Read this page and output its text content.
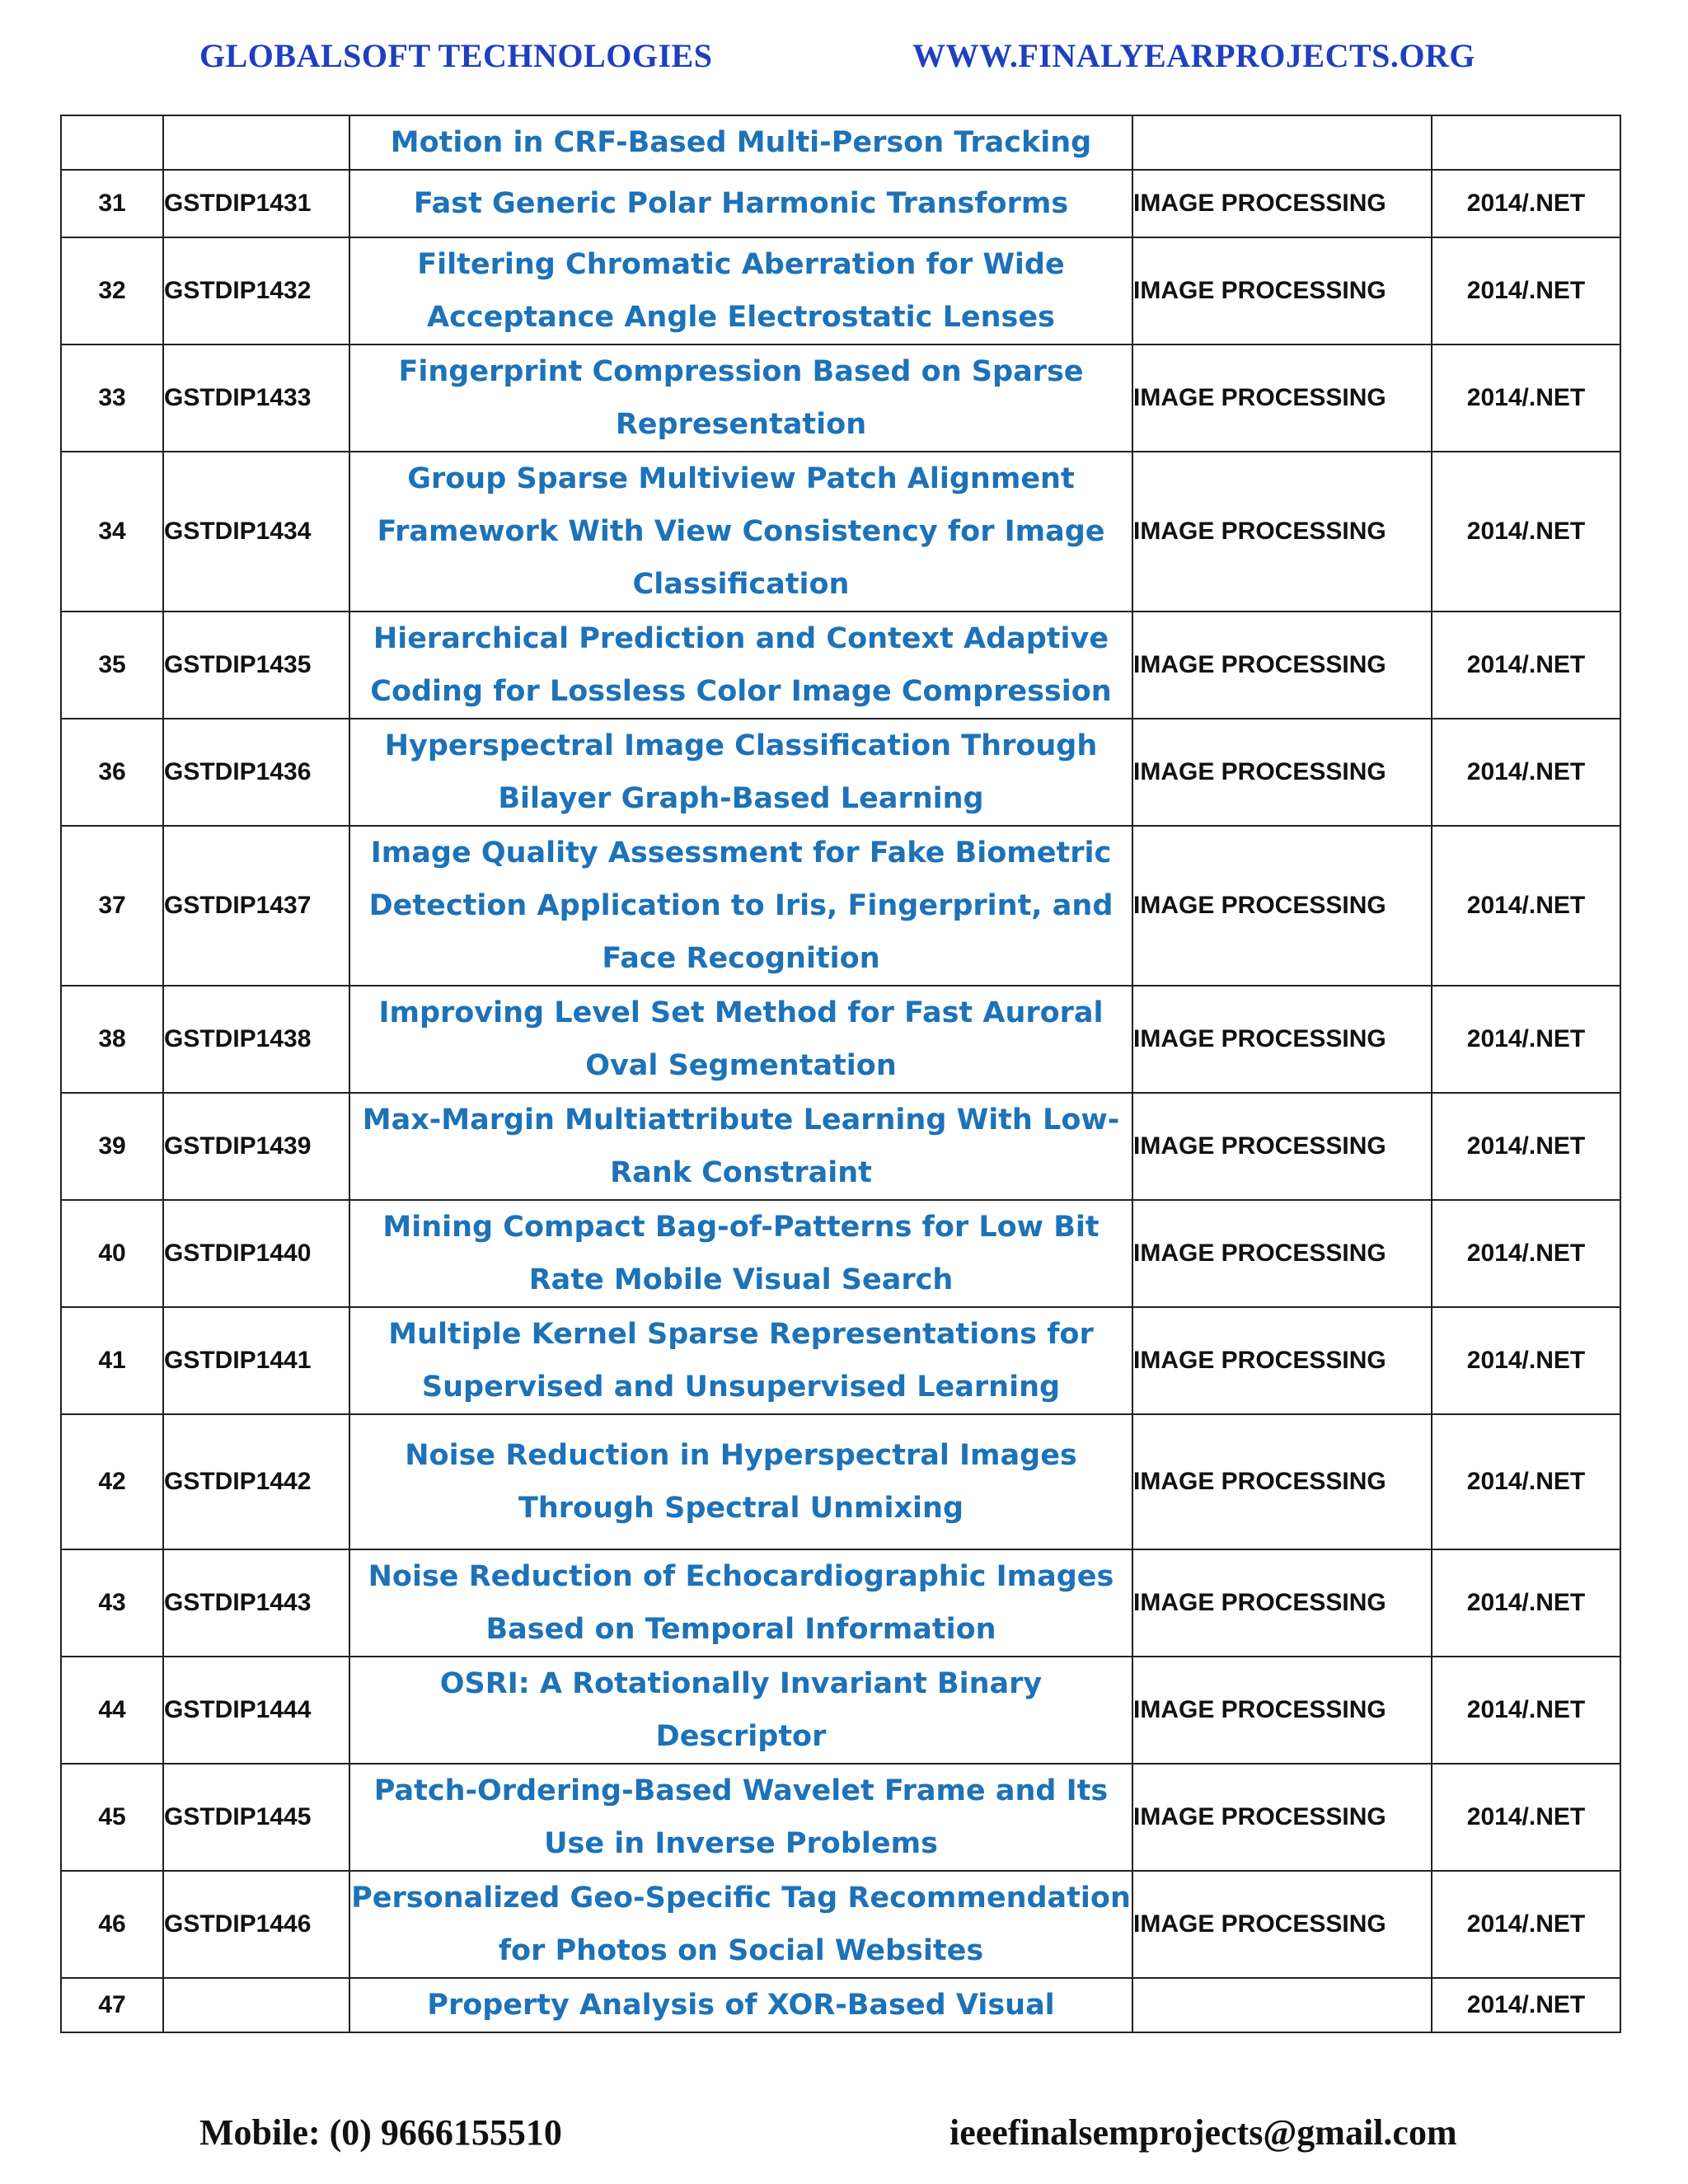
GLOBALSOFT TECHNOLOGIES	WWW.FINALYEARPROJECTS.ORG
		Motion in CRF-Based Multi-Person Tracking		
31	GSTDIP1431	Fast Generic Polar Harmonic Transforms	IMAGE PROCESSING	2014/.NET
32	GSTDIP1432	Filtering Chromatic Aberration for Wide Acceptance Angle Electrostatic Lenses	IMAGE PROCESSING	2014/.NET
33	GSTDIP1433	Fingerprint Compression Based on Sparse Representation	IMAGE PROCESSING	2014/.NET
34	GSTDIP1434	Group Sparse Multiview Patch Alignment Framework With View Consistency for Image Classification	IMAGE PROCESSING	2014/.NET
35	GSTDIP1435	Hierarchical Prediction and Context Adaptive Coding for Lossless Color Image Compression	IMAGE PROCESSING	2014/.NET
36	GSTDIP1436	Hyperspectral Image Classification Through Bilayer Graph-Based Learning	IMAGE PROCESSING	2014/.NET
37	GSTDIP1437	Image Quality Assessment for Fake Biometric Detection Application to Iris, Fingerprint, and Face Recognition	IMAGE PROCESSING	2014/.NET
38	GSTDIP1438	Improving Level Set Method for Fast Auroral Oval Segmentation	IMAGE PROCESSING	2014/.NET
39	GSTDIP1439	Max-Margin Multiattribute Learning With Low-Rank Constraint	IMAGE PROCESSING	2014/.NET
40	GSTDIP1440	Mining Compact Bag-of-Patterns for Low Bit Rate Mobile Visual Search	IMAGE PROCESSING	2014/.NET
41	GSTDIP1441	Multiple Kernel Sparse Representations for Supervised and Unsupervised Learning	IMAGE PROCESSING	2014/.NET
42	GSTDIP1442	Noise Reduction in Hyperspectral Images Through Spectral Unmixing	IMAGE PROCESSING	2014/.NET
43	GSTDIP1443	Noise Reduction of Echocardiographic Images Based on Temporal Information	IMAGE PROCESSING	2014/.NET
44	GSTDIP1444	OSRI: A Rotationally Invariant Binary Descriptor	IMAGE PROCESSING	2014/.NET
45	GSTDIP1445	Patch-Ordering-Based Wavelet Frame and Its Use in Inverse Problems	IMAGE PROCESSING	2014/.NET
46	GSTDIP1446	Personalized Geo-Specific Tag Recommendation for Photos on Social Websites	IMAGE PROCESSING	2014/.NET
47		Property Analysis of XOR-Based Visual		2014/.NET
Mobile: (0) 9666155510	ieeefinalsemprojects@gmail.com
